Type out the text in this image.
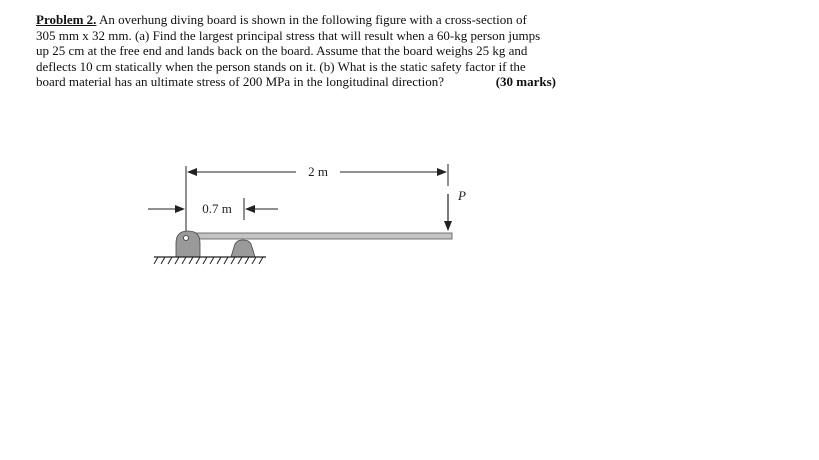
Problem 2. An overhung diving board is shown in the following figure with a cross-section of
305 mm x 32 mm. (a) Find the largest principal stress that will result when a 60-kg person jumps
up 25 cm at the free end and lands back on the board. Assume that the board weighs 25 kg and
deflects 10 cm statically when the person stands on it. (b) What is the static safety factor if the
board material has an ultimate stress of 200 MPa in the longitudinal direction?	(30 marks)
2 m
0.7 m
P
